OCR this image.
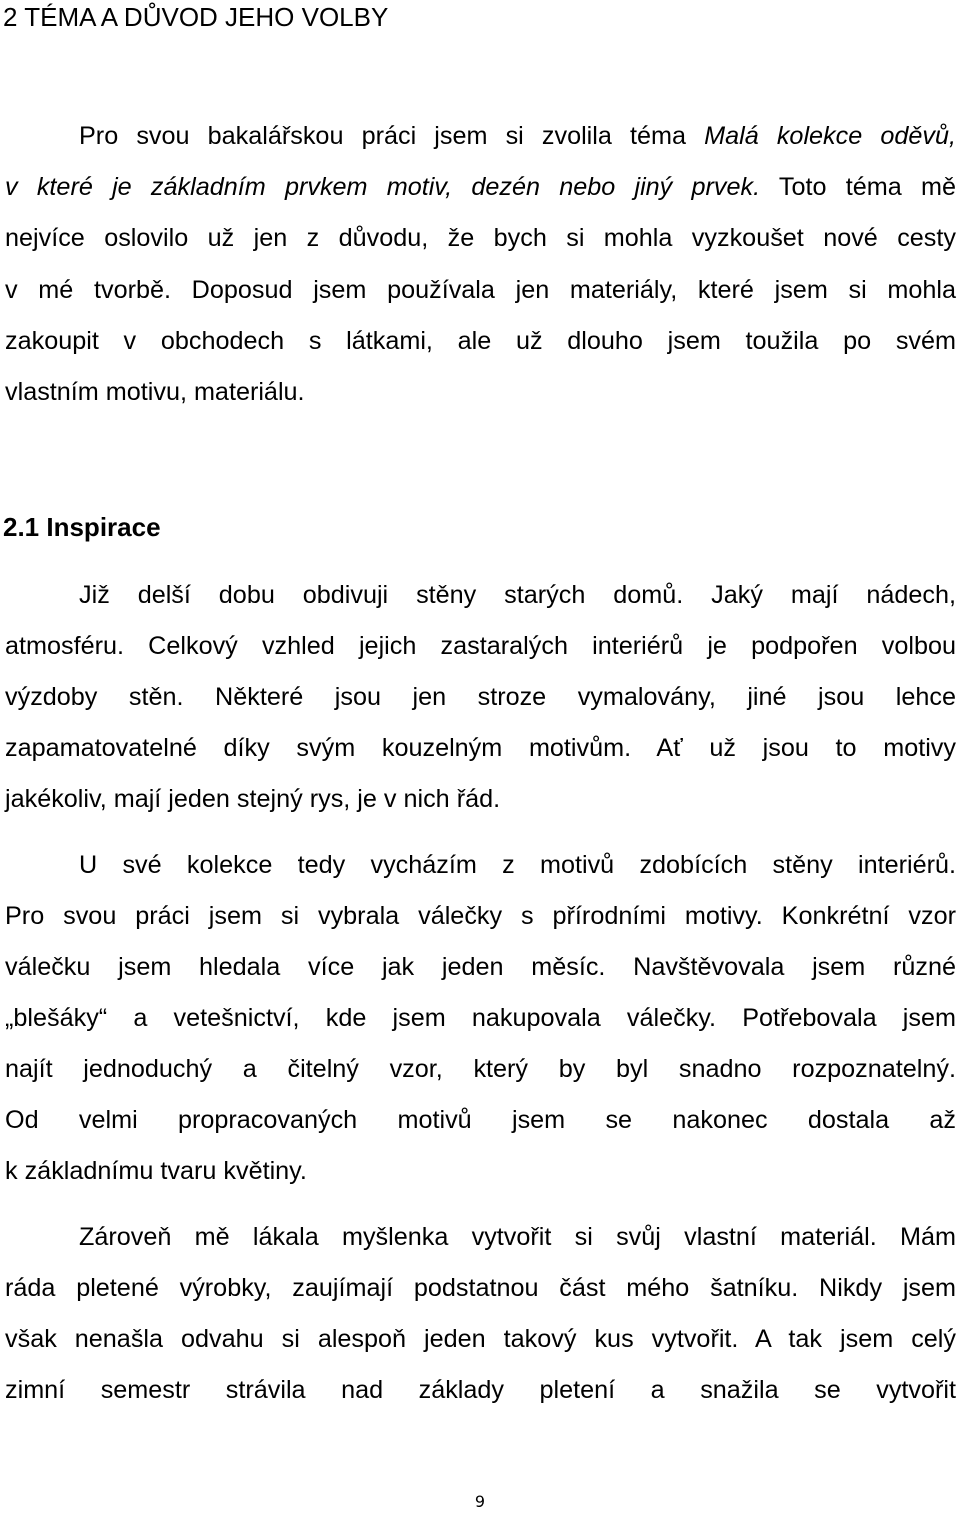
2 TÉMA A DŮVOD JEHO VOLBY
Pro svou bakalářskou práci jsem si zvolila téma Malá kolekce oděvů,
v které je základním prvkem motiv, dezén nebo jiný prvek. Toto téma mě
nejvíce oslovilo už jen z důvodu, že bych si mohla vyzkoušet nové cesty
v mé tvorbě. Doposud jsem používala jen materiály, které jsem si mohla
zakoupit v obchodech s látkami, ale už dlouho jsem toužila po svém
vlastním motivu, materiálu.
2.1 Inspirace
Již delší dobu obdivuji stěny starých domů. Jaký mají nádech,
atmosféru. Celkový vzhled jejich zastaralých interiérů je podpořen volbou
výzdoby stěn. Některé jsou jen stroze vymalovány, jiné jsou lehce
zapamatovatelné díky svým kouzelným motivům. Ať už jsou to motivy
jakékoliv, mají jeden stejný rys, je v nich řád.
U své kolekce tedy vycházím z motivů zdobících stěny interiérů.
Pro svou práci jsem si vybrala válečky s přírodními motivy. Konkrétní vzor
válečku jsem hledala více jak jeden měsíc. Navštěvovala jsem různé
„blešáky“ a vetešnictví, kde jsem nakupovala válečky. Potřebovala jsem
najít jednoduchý a čitelný vzor, který by byl snadno rozpoznatelný.
Od velmi propracovaných motivů jsem se nakonec dostala až
k základnímu tvaru květiny.
Zároveň mě lákala myšlenka vytvořit si svůj vlastní materiál. Mám
ráda pletené výrobky, zaujímají podstatnou část mého šatníku. Nikdy jsem
však nenašla odvahu si alespoň jeden takový kus vytvořit. A tak jsem celý
zimní semestr strávila nad základy pletení a snažila se vytvořit
9
